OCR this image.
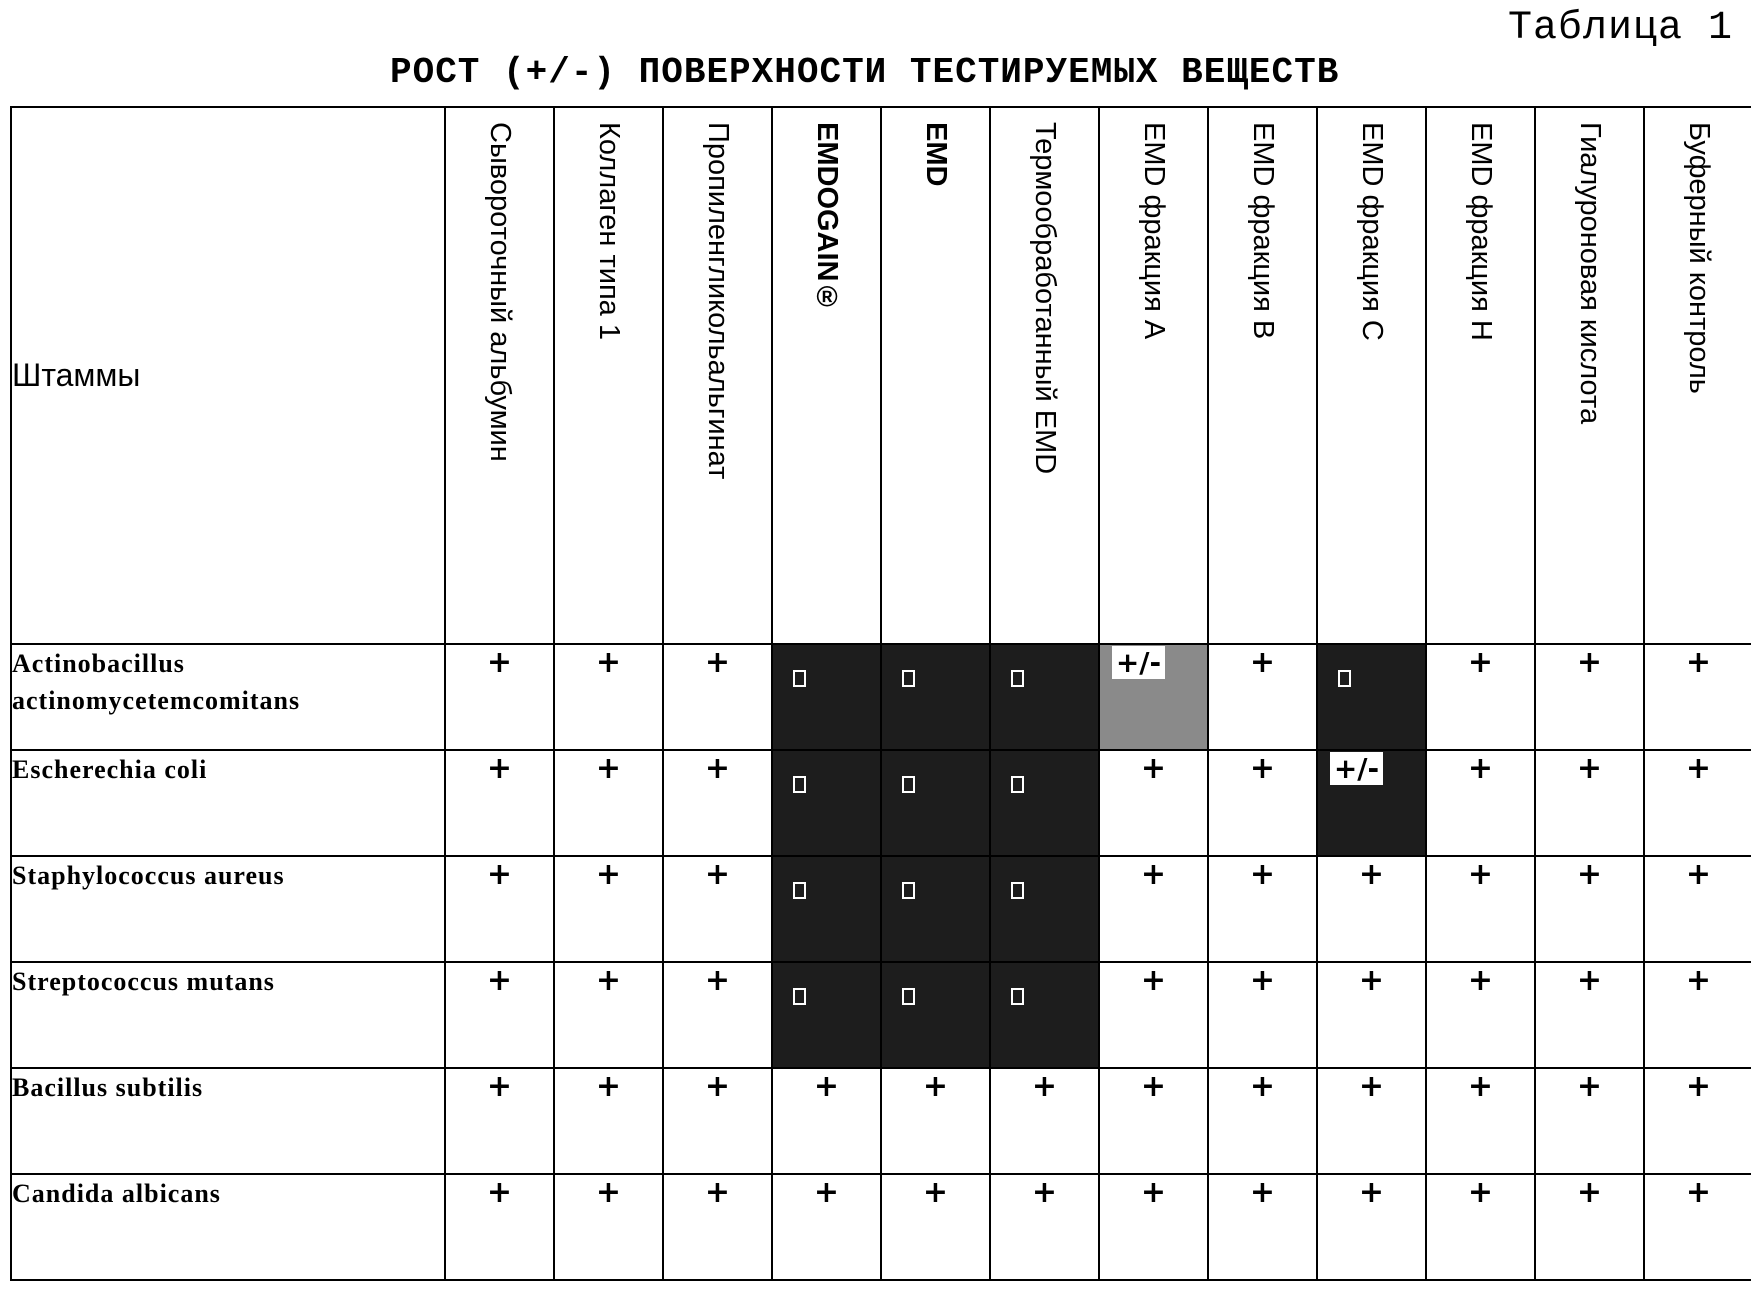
Таблица 1
РОСТ (+/-) ПОВЕРХНОСТИ ТЕСТИРУЕМЫХ ВЕЩЕСТВ
Штаммы	Сывороточный альбумин	Коллаген типа 1	Пропиленгликольальгинат	EMDOGAIN®	EMD	Термообработанный EMD	EMD фракция А	EMD фракция В	EMD фракция С	EMD фракция H	Гиалуроновая кислота	Буферный контроль

Actinobacillus actinomycetemcomitans	+	+	+				+/-	+		+	+	+
Escherechia coli	+	+	+				+	+	+/-	+	+	+
Staphylococcus aureus	+	+	+				+	+	+	+	+	+
Streptococcus mutans	+	+	+				+	+	+	+	+	+
Bacillus subtilis	+	+	+	+	+	+	+	+	+	+	+	+
Candida albicans	+	+	+	+	+	+	+	+	+	+	+	+
